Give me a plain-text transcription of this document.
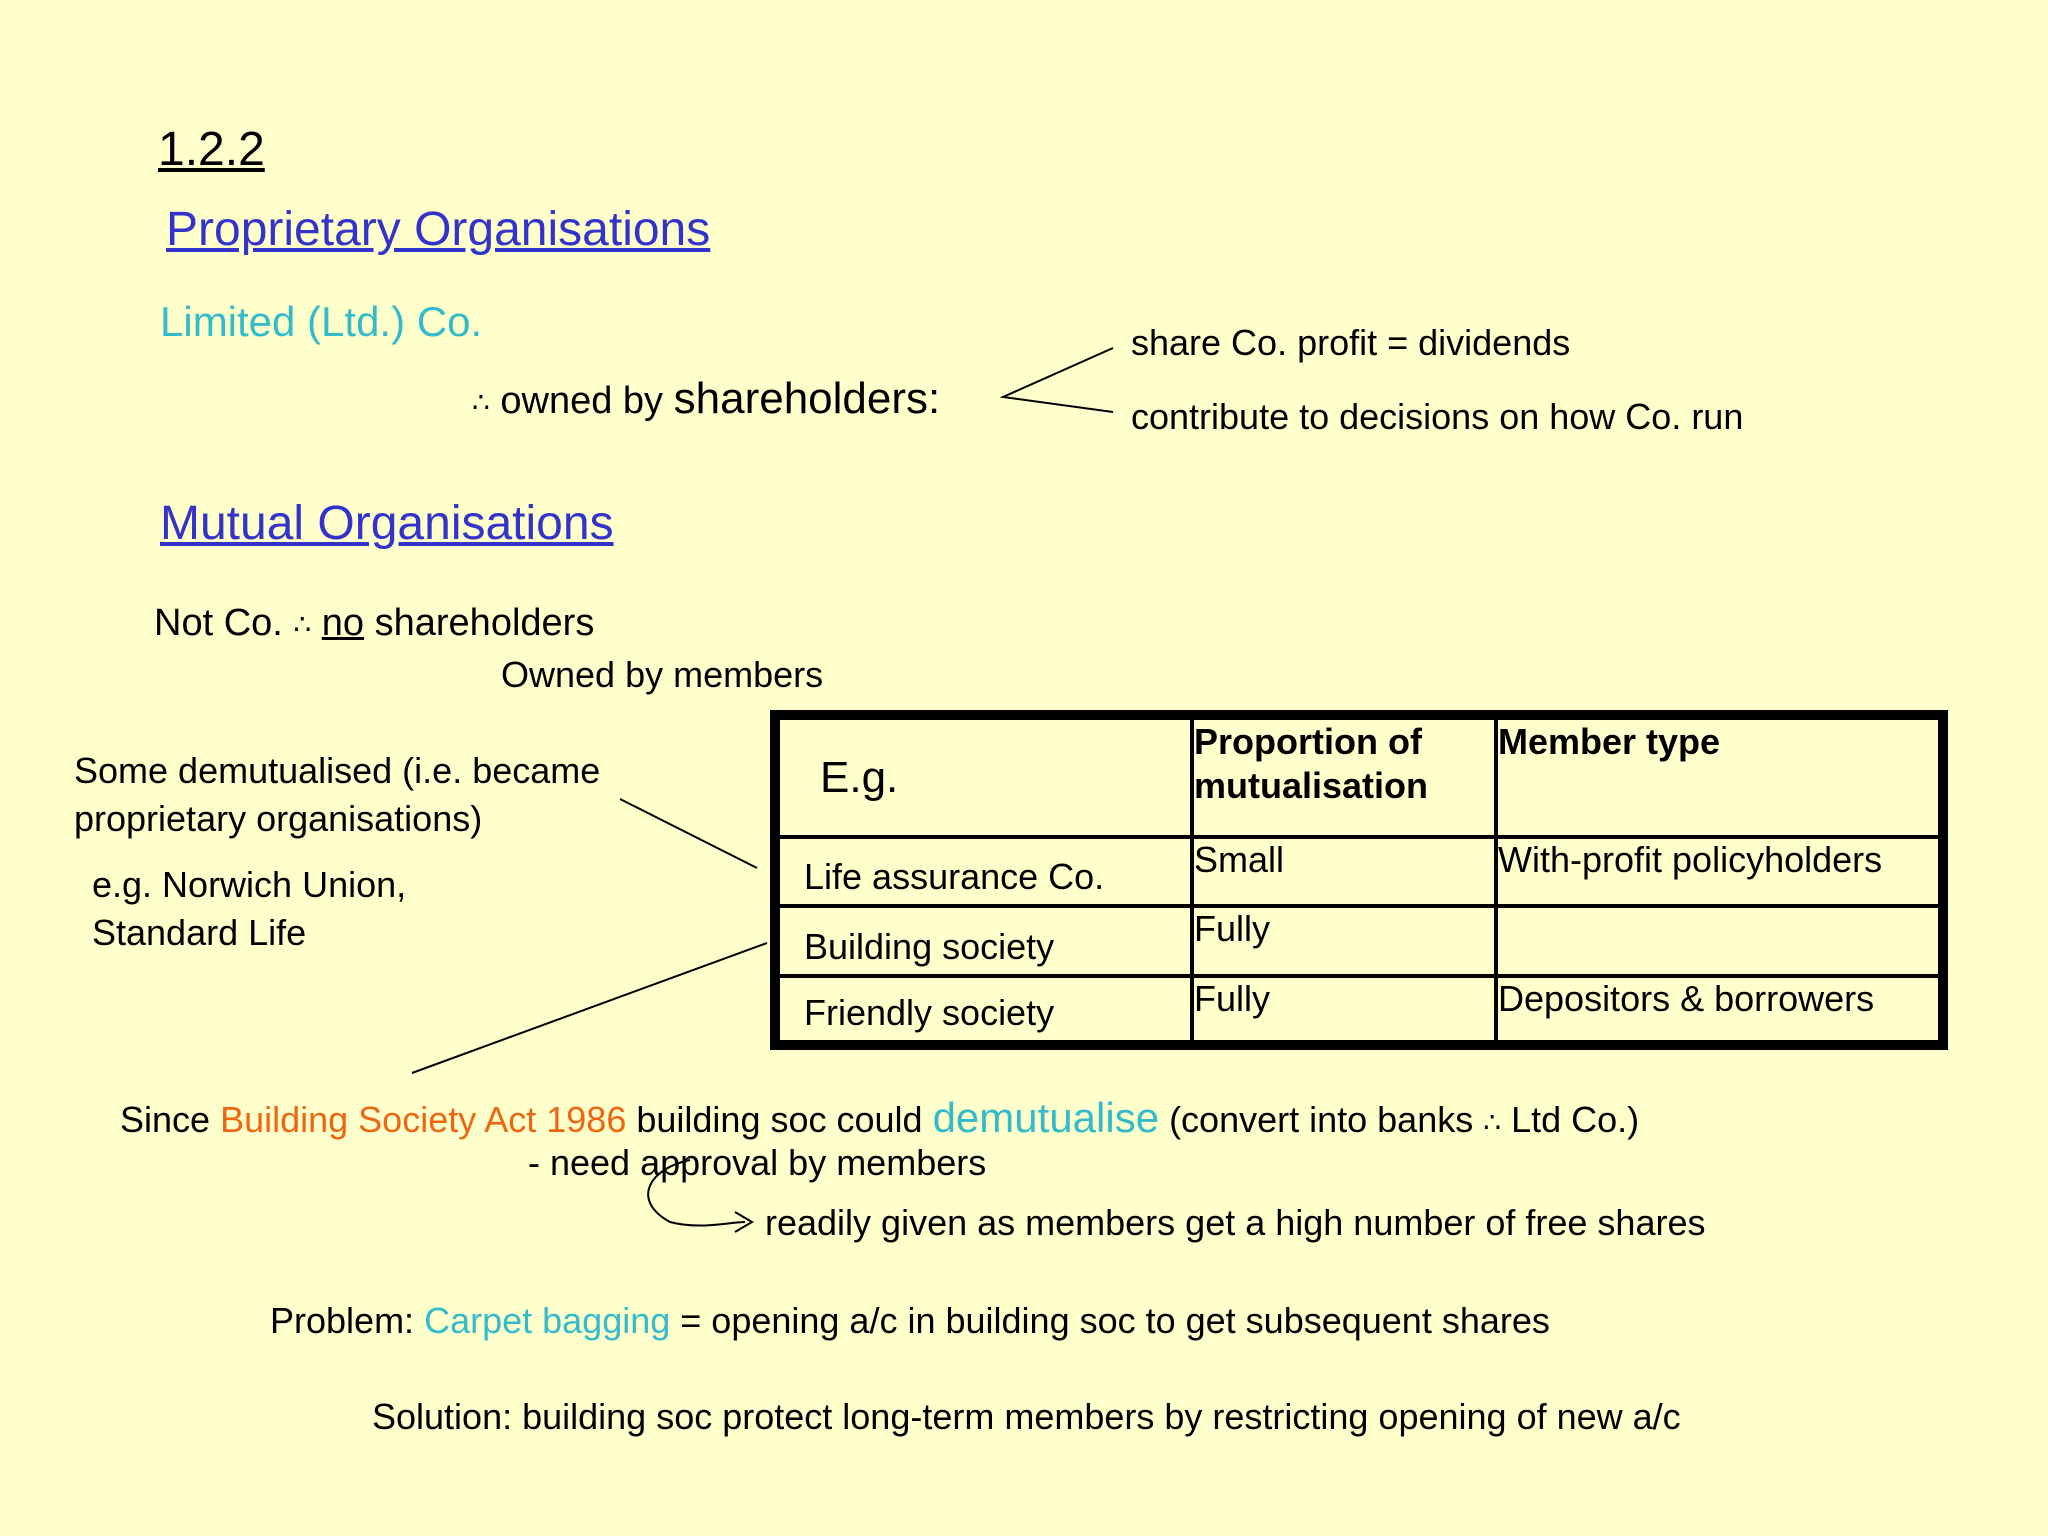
1.2.2
Proprietary Organisations
Limited (Ltd.) Co.
∴ owned by shareholders:
share Co. profit = dividends
contribute to decisions on how Co. run
Mutual Organisations
Not Co. ∴ no shareholders
Owned by members
Some demutualised (i.e. became
proprietary organisations)
e.g. Norwich Union,
Standard Life
E.g.	Proportion of mutualisation	Member type
Life assurance Co.	Small	With-profit policyholders
Building society	Fully	
Friendly society	Fully	Depositors & borrowers
Since Building Society Act 1986 building soc could demutualise (convert into banks ∴ Ltd Co.)
- need approval by members
readily given as members get a high number of free shares
Problem: Carpet bagging = opening a/c in building soc to get subsequent shares
Solution: building soc protect long-term members by restricting opening of new a/c
